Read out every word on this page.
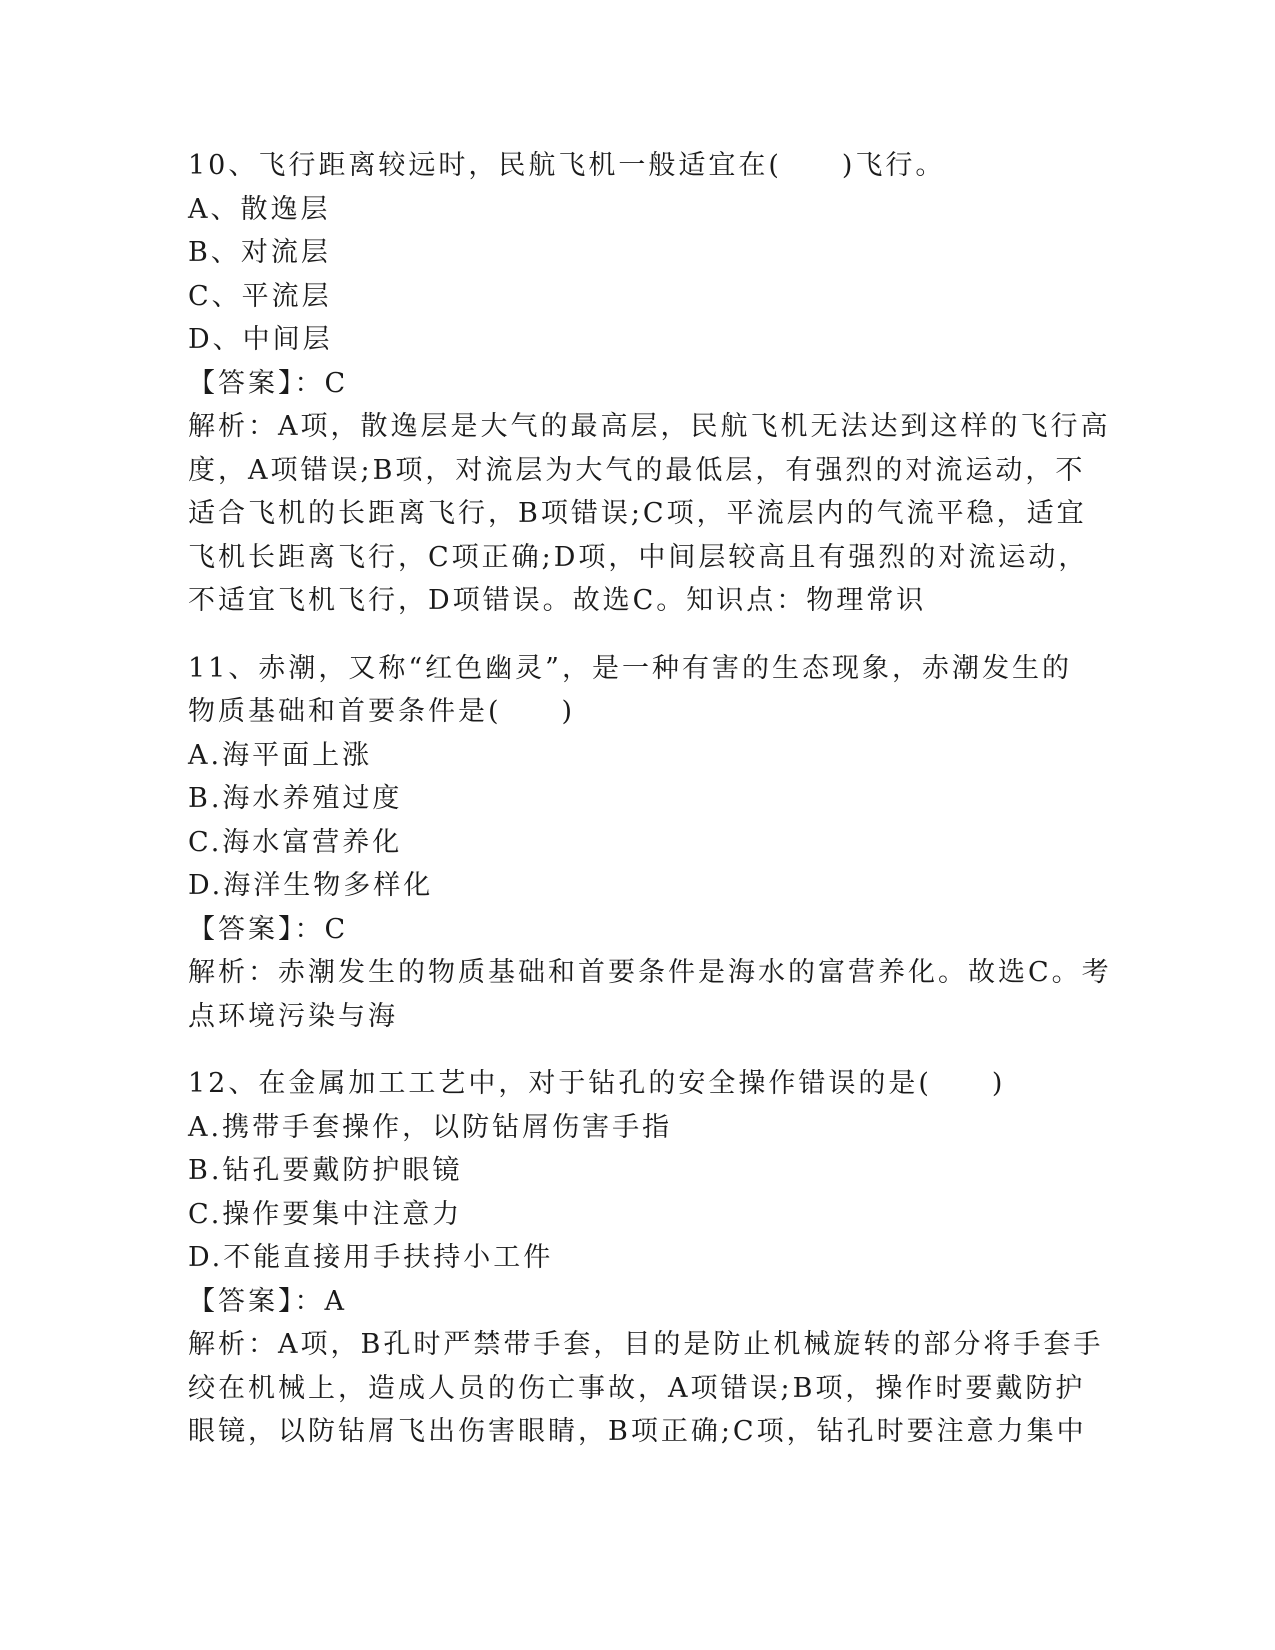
10、飞行距离较远时，民航飞机一般适宜在(　　)飞行。
A、散逸层
B、对流层
C、平流层
D、中间层
【答案】：C
解析：A项，散逸层是大气的最高层，民航飞机无法达到这样的飞行高
度，A项错误;B项，对流层为大气的最低层，有强烈的对流运动，不
适合飞机的长距离飞行，B项错误;C项，平流层内的气流平稳，适宜
飞机长距离飞行，C项正确;D项，中间层较高且有强烈的对流运动，
不适宜飞机飞行，D项错误。故选C。知识点：物理常识
11、赤潮，又称“红色幽灵”，是一种有害的生态现象，赤潮发生的
物质基础和首要条件是(　　)
A.海平面上涨
B.海水养殖过度
C.海水富营养化
D.海洋生物多样化
【答案】：C
解析：赤潮发生的物质基础和首要条件是海水的富营养化。故选C。考
点环境污染与海
12、在金属加工工艺中，对于钻孔的安全操作错误的是(　　)
A.携带手套操作，以防钻屑伤害手指
B.钻孔要戴防护眼镜
C.操作要集中注意力
D.不能直接用手扶持小工件
【答案】：A
解析：A项，B孔时严禁带手套，目的是防止机械旋转的部分将手套手
绞在机械上，造成人员的伤亡事故，A项错误;B项，操作时要戴防护
眼镜，以防钻屑飞出伤害眼睛，B项正确;C项，钻孔时要注意力集中
